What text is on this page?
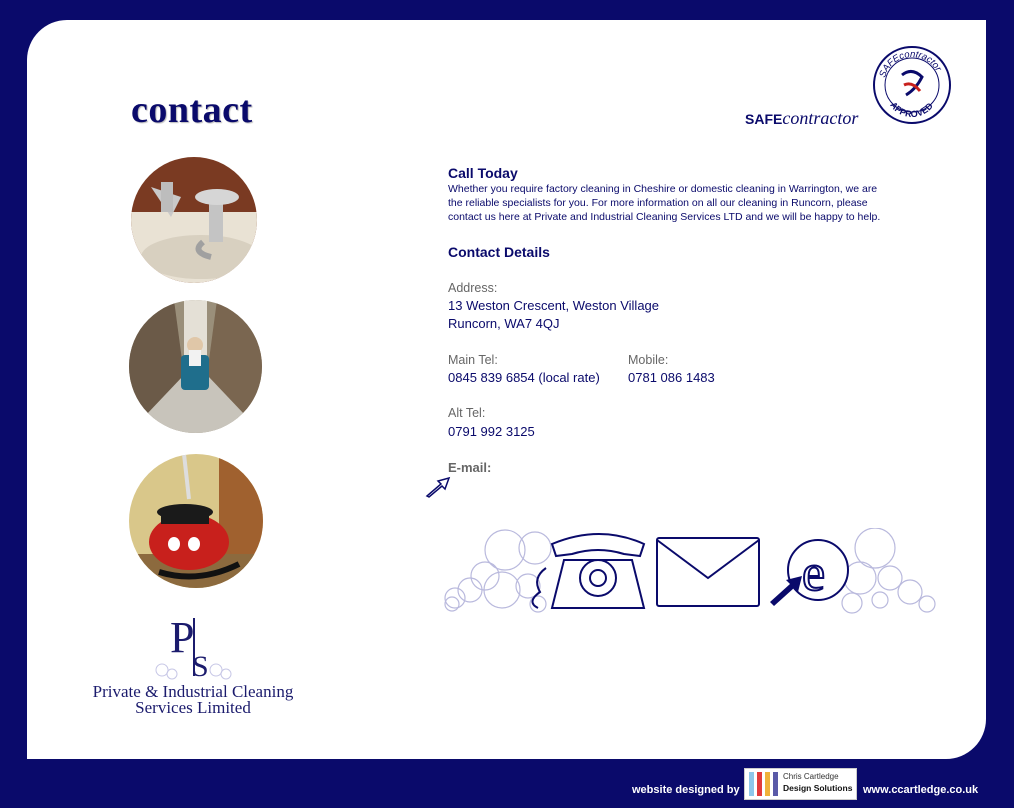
contact
P
S
Private & Industrial Cleaning
Services Limited
SAFEcontractor
SAFEcontractor
APPROVED
Call Today
Whether you require factory cleaning in Cheshire or domestic cleaning in Warrington, we are
the reliable specialists for you. For more information on all our cleaning in Runcorn, please
contact us here at Private and Industrial Cleaning Services LTD and we will be happy to help.
Contact Details
Address:
13 Weston Crescent, Weston Village
Runcorn, WA7 4QJ
Main Tel:
0845 839 6854 (local rate)
Mobile:
0781 086 1483
Alt Tel:
0791 992 3125
E-mail:
e
website designed by
Chris Cartledge
Design Solutions www.ccartledge.co.uk
